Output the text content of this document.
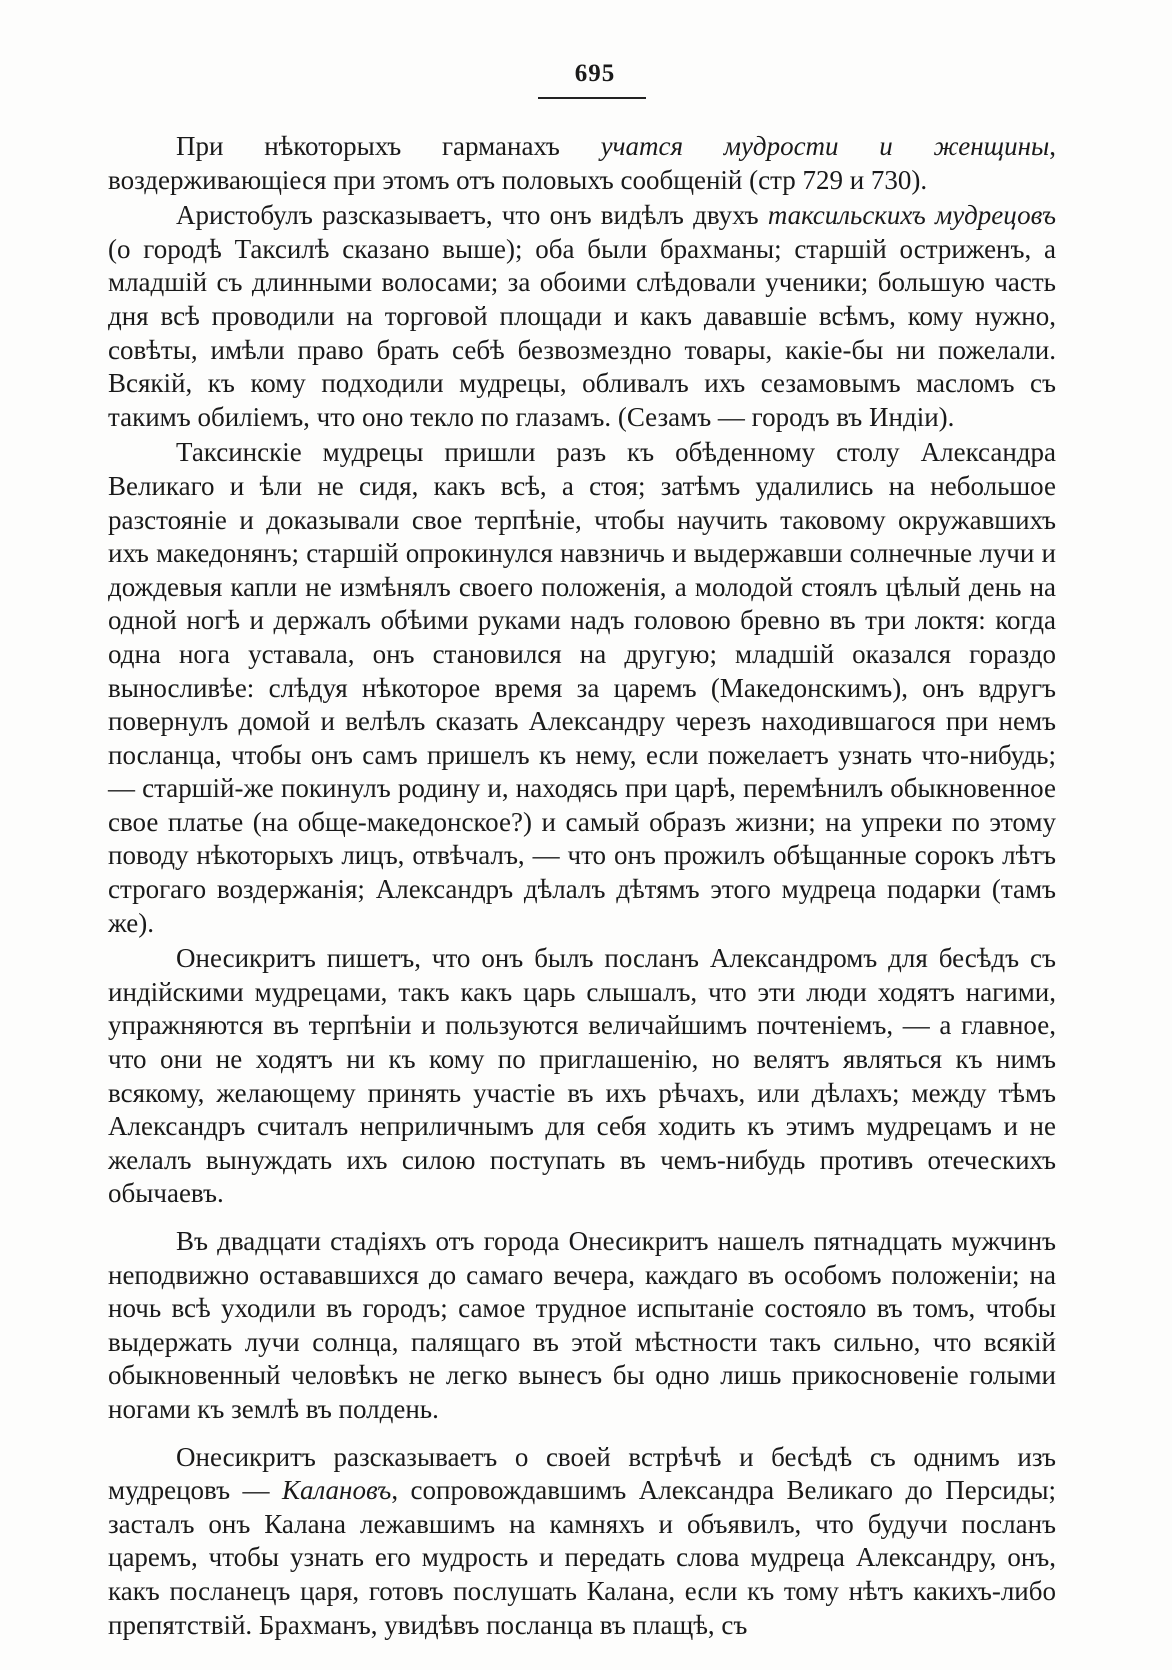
695

При нѣкоторыхъ гарманахъ учатся мудрости и женщины, воздерживающіеся при этомъ отъ половыхъ сообщеній (стр 729 и 730).

Аристобулъ разсказываетъ, что онъ видѣлъ двухъ таксильскихъ мудрецовъ (о городѣ Таксилѣ сказано выше); оба были брахманы; старшій остриженъ, а младшій съ длинными волосами; за обоими слѣдовали ученики; большую часть дня всѣ проводили на торговой площади и какъ дававшіе всѣмъ, кому нужно, совѣты, имѣли право брать себѣ безвозмездно товары, какіе-бы ни пожелали. Всякій, къ кому подходили мудрецы, обливалъ ихъ сезамовымъ масломъ съ такимъ обиліемъ, что оно текло по глазамъ. (Сезамъ — городъ въ Индіи).

Таксинскіе мудрецы пришли разъ къ обѣденному столу Александра Великаго и ѣли не сидя, какъ всѣ, а стоя; затѣмъ удалились на небольшое разстояніе и доказывали свое терпѣніе, чтобы научить таковому окружавшихъ ихъ македонянъ; старшій опрокинулся навзничь и выдержавши солнечные лучи и дождевыя капли не измѣнялъ своего положенія, а молодой стоялъ цѣлый день на одной ногѣ и держалъ обѣими руками надъ головою бревно въ три локтя: когда одна нога уставала, онъ становился на другую; младшій оказался гораздо выносливѣе: слѣдуя нѣкоторое время за царемъ (Македонскимъ), онъ вдругъ повернулъ домой и велѣлъ сказать Александру черезъ находившагося при немъ посланца, чтобы онъ самъ пришелъ къ нему, если пожелаетъ узнать что-нибудь; — старшій-же покинулъ родину и, находясь при царѣ, перемѣнилъ обыкновенное свое платье (на обще-македонское?) и самый образъ жизни; на упреки по этому поводу нѣкоторыхъ лицъ, отвѣчалъ, — что онъ прожилъ обѣщанные сорокъ лѣтъ строгаго воздержанія; Александръ дѣлалъ дѣтямъ этого мудреца подарки (тамъ же).

Онесикритъ пишетъ, что онъ былъ посланъ Александромъ для бесѣдъ съ индійскими мудрецами, такъ какъ царь слышалъ, что эти люди ходятъ нагими, упражняются въ терпѣніи и пользуются величайшимъ почтеніемъ, — а главное, что они не ходятъ ни къ кому по приглашенію, но велятъ являться къ нимъ всякому, желающему принять участіе въ ихъ рѣчахъ, или дѣлахъ; между тѣмъ Александръ считалъ неприличнымъ для себя ходить къ этимъ мудрецамъ и не желалъ вынуждать ихъ силою поступать въ чемъ-нибудь противъ отеческихъ обычаевъ.

Въ двадцати стадіяхъ отъ города Онесикритъ нашелъ пятнадцать мужчинъ неподвижно остававшихся до самаго вечера, каждаго въ особомъ положеніи; на ночь всѣ уходили въ городъ; самое трудное испытаніе состояло въ томъ, чтобы выдержать лучи солнца, палящаго въ этой мѣстности такъ сильно, что всякій обыкновенный человѣкъ не легко вынесъ бы одно лишь прикосновеніе голыми ногами къ землѣ въ полдень.

Онесикритъ разсказываетъ о своей встрѣчѣ и бесѣдѣ съ однимъ изъ мудрецовъ — Калановъ, сопровождавшимъ Александра Великаго до Персиды; засталъ онъ Калана лежавшимъ на камняхъ и объявилъ, что будучи посланъ царемъ, чтобы узнать его мудрость и передать слова мудреца Александру, онъ, какъ посланецъ царя, готовъ послушать Калана, если къ тому нѣтъ какихъ-либо препятствій. Брахманъ, увидѣвъ посланца въ плащѣ, съ
